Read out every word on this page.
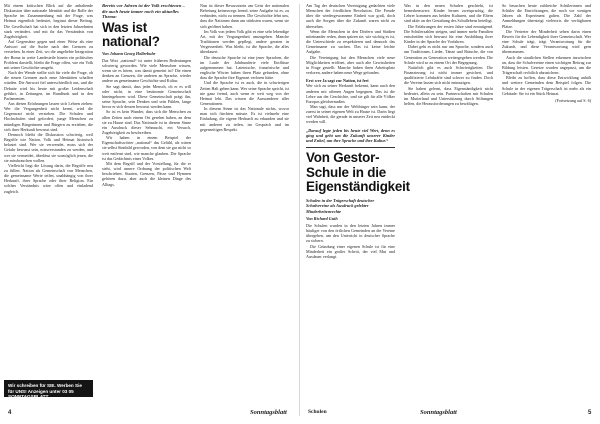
Mit einem kritischen Blick auf die anhaltende Diskussion über nationale Identität und die Rolle der Sprache im Zusammenhang mit der Frage, was Heimat eigentlich bedeutet, beginnt dieser Beitrag. Die Gesellschaft hat sich in den letzten Jahrzehnten stark verändert, und mit ihr das Verständnis von Zugehörigkeit.

Auf Gegensätze gegen und einer Weise als eine Antwort auf die Suche nach den Grenzen zu verstehen. In einer Zeit, wo die ungeliebte Integration der Roma in weite Landesteile hinein ein politisches Problem darstellt, bleibt die Frage offen, wie ein Volk mit seiner Geschichte umgeht.

Nach der Wende stellte sich für viele die Frage, ob die neuen Grenzen auch neue Identitäten schaffen würden. Die Antwort fiel unterschiedlich aus, und die Debatte wird bis heute mit großer Leidenschaft geführt, in Zeitungen, im Rundfunk und in den Parlamenten.

Aus diesen Erfahrungen lassen sich Lehren ziehen: Wer die Vergangenheit nicht kennt, wird die Gegenwart nicht verstehen. Die Schulen und Hochschulen sind gefordert, junge Menschen zu mündigen Bürgerinnen und Bürgern zu erziehen, die sich ihrer Herkunft bewusst sind.

Dennoch bleibt die Diskussion schwierig, weil Begriffe wie Nation, Volk und Heimat historisch belastet sind. Wer sie verwendet, muss sich der Gefahr bewusst sein, missverstanden zu werden, und wer sie vermeidet, überlässt sie womöglich jenen, die sie missbrauchen wollen.

Vielleicht liegt die Lösung darin, die Begriffe neu zu füllen: Nation als Gemeinschaft von Menschen, die gemeinsame Werte teilen, unabhängig von ihrer Herkunft, ihrer Sprache oder ihrer Religion. Ein solches Verständnis wäre offen und einladend zugleich.

Wir schreiben für SIE. Werben Sie für UNS! Anzeigen unter 03 05 SONNTAGSBLATT
Bereits vor Jahren ist der Volk erschienen – die auch heute immer noch ein aktuelles Thema:
Was ist national?
Von Johann Georg Hollerbuhr

Das Wort „national“ ist unter früheren Bedeutungen schwierig geworden. Wie viele Menschen wissen, wenn sie es hören, was damit gemeint ist? Die einen denken an Grenzen, die anderen an Sprache, wieder andere an gemeinsame Geschichte und Kultur.

Sie sagt damit, dass jeder Mensch, ob er es will oder nicht, in eine bestimmte Gemeinschaft hineingeboren wird. Diese Gemeinschaft prägt ihn, seine Sprache, sein Denken und sein Fühlen, lange bevor er sich dessen bewusst werden kann.

So ist es kein Wunder, dass sich die Menschen zu allen Zeiten nach einem Ort gesehnt haben, an dem sie zu Hause sind. Das Nationale ist in diesem Sinne ein Ausdruck dieser Sehnsucht, ein Versuch, Zugehörigkeit zu beschreiben.

Wir haben in einem Beispiel der Eigenschaftswörter „national“ das Gefühl, als wären sie selbst Sinnbild geworden, von dem sie gar nicht so weit entfernt sind, wie manche glauben. Die Sprache ist das Gedächtnis eines Volkes.

Mit dem Begriff und der Vorstellung, für die er steht, wird unsere Ordnung der politischen Welt beschrieben. Staaten, Grenzen, Pässe und Hymnen gehören dazu, aber auch die kleinen Dinge des Alltags.

Nun ist dieser Bewusstsein am Geist der nationalen Befreiung keineswegs fremd, seine Aufgabe ist es, zu verbinden, nicht zu trennen. Die Geschichte lehrt uns, dass die Nationen dann am stärksten waren, wenn sie sich geöffnet haben.

Im Volk von jedem Volk gibt es eine sehr lebendige Art, mit der Vergangenheit umzugehen. Manche Traditionen werden gepflegt, andere geraten in Vergessenheit. Was bleibt, ist die Sprache, die alles überdauert.

Die deutsche Sprache ist eine jener Sprachen, die im Laufe der Jahrhunderte viele Einflüsse aufgenommen hat. Lateinische, französische und englische Wörter haben ihren Platz gefunden, ohne dass die Sprache ihre Eigenart verloren hätte.

Und die Sprache ist es auch, die in schwierigen Zeiten Halt geben kann. Wer seine Sprache spricht, ist nie ganz fremd, auch wenn er weit weg von der Heimat lebt. Das wissen die Auswanderer aller Generationen.

In diesem Sinne ist das Nationale nichts, wovor man sich fürchten müsste. Es ist vielmehr eine Einladung, die eigene Herkunft zu erkunden und sie mit anderen zu teilen, im Gespräch und im gegenseitigen Respekt.

4	Sonntagsblatt

Am Tag der deutschen Vereinigung gedachten viele Menschen der friedlichen Revolution. Die Freude über die wiedergewonnene Einheit war groß, doch auch die Sorgen über die Zukunft waren nicht zu übersehen.

Wenn die Menschen in den Dörfern und Städten miteinander reden, dann spüren sie, wie wichtig es ist, die Unterschiede zu respektieren und dennoch das Gemeinsame zu suchen. Das ist keine leichte Aufgabe.

Die Vereinigung hat den Menschen viele neue Möglichkeiten eröffnet, aber auch alte Gewissheiten in Frage gestellt. Manche haben ihren Arbeitsplatz verloren, andere haben neue Wege gefunden.

Erst wer Ja sagt zur Nation, ist frei

Wer sich zu seiner Herkunft bekennt, kann auch den anderen mit offenen Augen begegnen. Das ist die Lehre aus der Geschichte, und sie gilt für alle Völker Europas gleichermaßen.

Man sagt, dass nur der Weltbürger sein kann, der zuerst in seiner eigenen Welt zu Hause ist. Darin liegt viel Wahrheit, die gerade in unserer Zeit neu entdeckt werden will.

„Darauf legte jeden bis heute viel Wert, denn es ging und geht um die Zukunft unserer Kinder und Enkel, um ihre Sprache und ihre Kultur.“
Von Gestor-Schule in die Eigenständigkeit
Schulen in der Trägerschaft deutscher Schulvereine als Ausdruck gelebter Minderheitenrechte
Von Richard Guth

Die Schulen wurden in den letzten Jahren immer häufiger von den örtlichen Gemeinden an die Vereine übergeben, um den Unterricht in deutscher Sprache zu sichern.

Die Gründung einer eigenen Schule ist für eine Minderheit ein großer Schritt, der viel Mut und Ausdauer verlangt.

Was in den neuen Schulen geschieht, ist bemerkenswert: Kinder lernen zweisprachig, die Lehrer kommen aus beiden Kulturen, und die Eltern sind aktiv an der Gestaltung des Schullebens beteiligt.

Die Erfahrungen der ersten Jahre sind ermutigend. Die Schülerzahlen steigen, und immer mehr Familien entscheiden sich bewusst für eine Ausbildung ihrer Kinder in der Sprache der Vorfahren.

Dabei geht es nicht nur um Sprache, sondern auch um Traditionen, Lieder, Tänze und Bräuche, die von Generation zu Generation weitergegeben werden. Die Schule wird so zu einem Ort der Begegnung.

Natürlich gibt es auch Schwierigkeiten. Die Finanzierung ist nicht immer gesichert, und qualifizierte Lehrkräfte sind schwer zu finden. Doch die Vereine lassen sich nicht entmutigen.

Sie haben gelernt, dass Eigenständigkeit nicht bedeutet, allein zu sein. Partnerschaften mit Schulen im Mutterland und Unterstützung durch Stiftungen helfen, die Herausforderungen zu bewältigen.

So besuchen heute zahlreiche Schülerinnen und Schüler die Einrichtungen, die noch vor wenigen Jahren als Experiment galten. Die Zahl der Anmeldungen übersteigt vielerorts die verfügbaren Plätze.

Die Vertreter der Minderheit sehen darin einen Beweis für die Lebendigkeit ihrer Gemeinschaft. Wer eine Schule trägt, trägt Verantwortung für die Zukunft, und diese Verantwortung wird gern übernommen.

Auch die staatlichen Stellen erkennen inzwischen an, dass die Schulvereine einen wichtigen Beitrag zur Bildung leisten. Gesetze wurden angepasst, um die Trägerschaft rechtlich abzusichern.

Bleibt zu hoffen, dass diese Entwicklung anhält und weitere Gemeinden dem Beispiel folgen. Die Schule in der eigenen Trägerschaft ist mehr als ein Gebäude: Sie ist ein Stück Heimat.

(Fortsetzung auf S. 6)

Schulen	Sonntagsblatt	5
